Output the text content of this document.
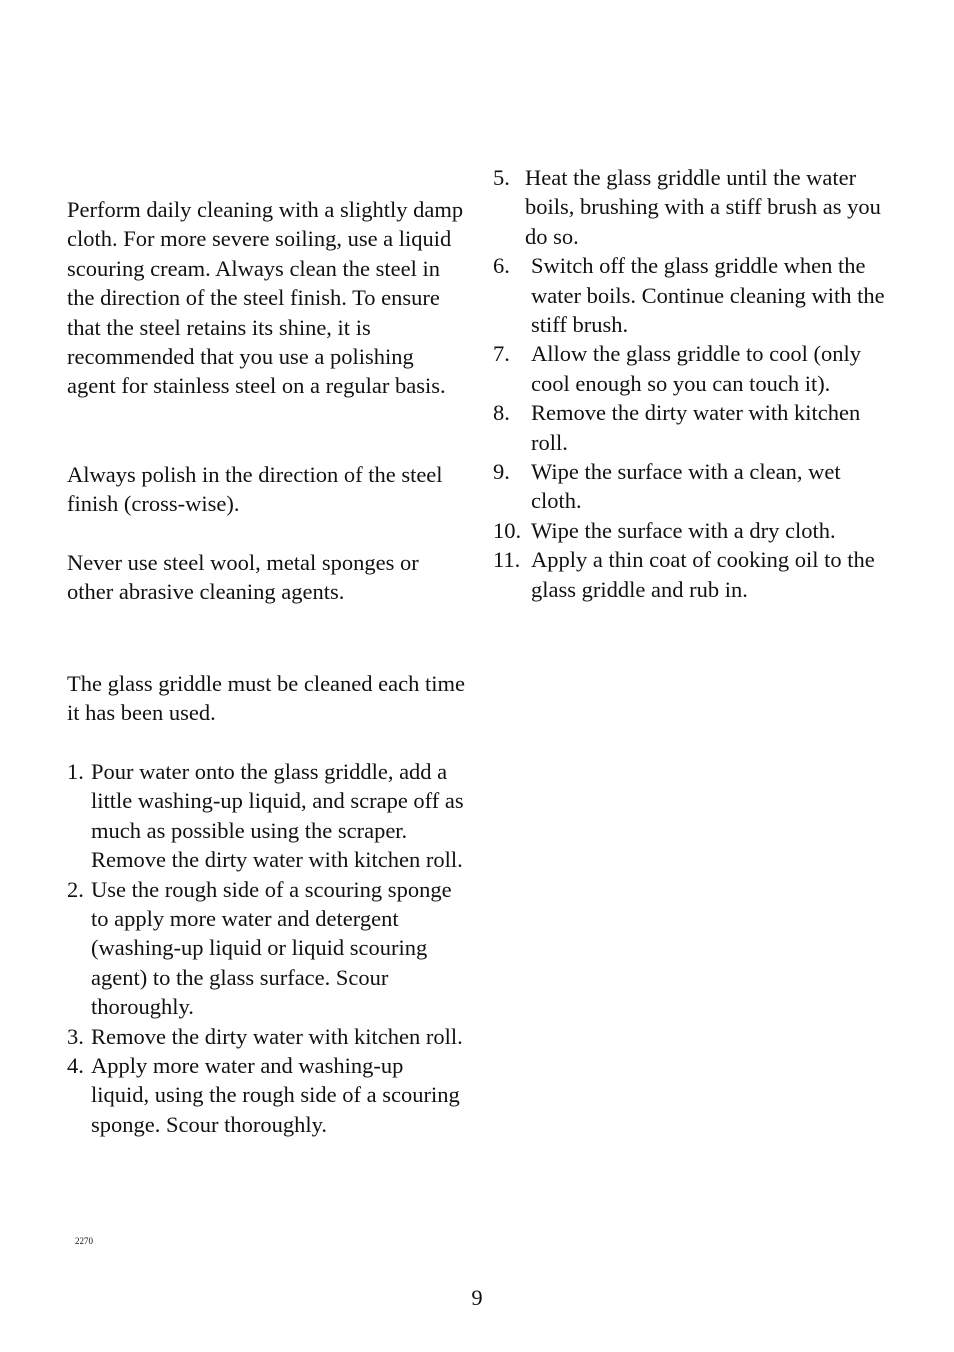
Perform daily cleaning with a slightly damp cloth. For more severe soiling, use a liquid scouring cream. Always clean the steel in the direction of the steel finish. To ensure that the steel retains its shine, it is recommended that you use a polishing agent for stainless steel on a regular basis.

Always polish in the direction of the steel finish (cross-wise).

Never use steel wool, metal sponges or other abrasive cleaning agents.

The glass griddle must be cleaned each time it has been used.

1. Pour water onto the glass griddle, add a little washing-up liquid, and scrape off as much as possible using the scraper. Remove the dirty water with kitchen roll.
2. Use the rough side of a scouring sponge to apply more water and detergent (washing-up liquid or liquid scouring agent) to the glass surface. Scour thoroughly.
3. Remove the dirty water with kitchen roll.
4. Apply more water and washing-up liquid, using the rough side of a scouring sponge. Scour thoroughly.
5. Heat the glass griddle until the water boils, brushing with a stiff brush as you do so.
6. Switch off the glass griddle when the water boils. Continue cleaning with the stiff brush.
7. Allow the glass griddle to cool (only cool enough so you can touch it).
8. Remove the dirty water with kitchen roll.
9. Wipe the surface with a clean, wet cloth.
10. Wipe the surface with a dry cloth.
11. Apply a thin coat of cooking oil to the glass griddle and rub in.
2270
9
